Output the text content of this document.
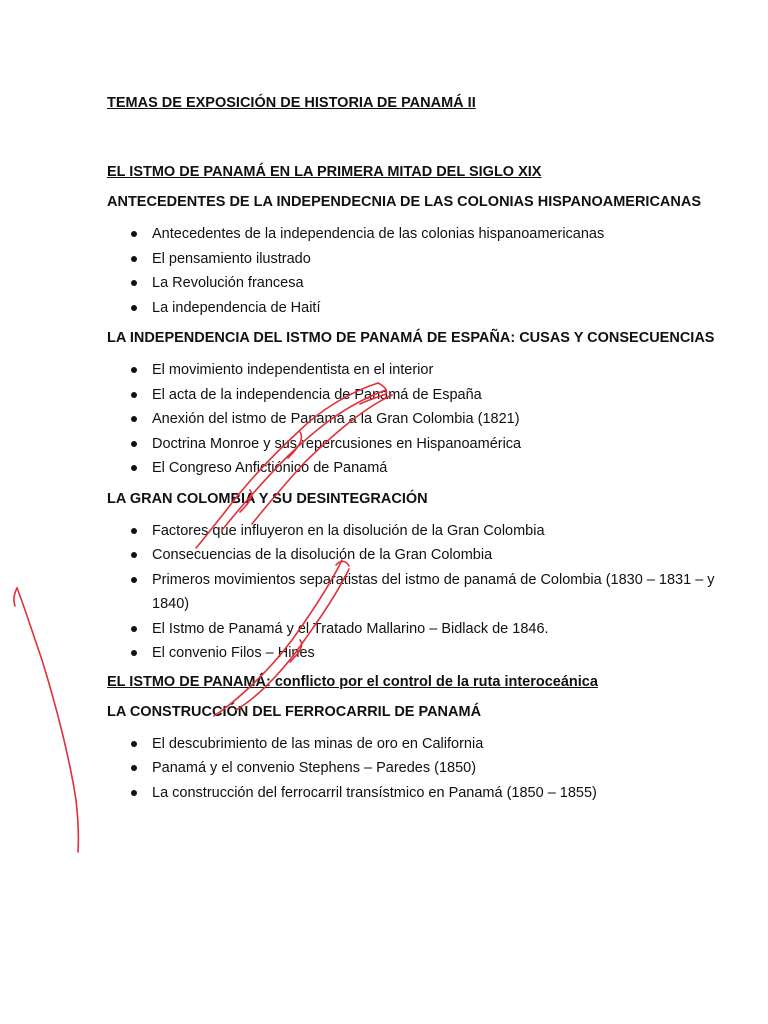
TEMAS DE EXPOSICIÓN DE HISTORIA DE PANAMÁ II
EL ISTMO DE PANAMÁ EN LA PRIMERA MITAD DEL SIGLO XIX
ANTECEDENTES DE LA INDEPENDECNIA DE LAS COLONIAS HISPANOAMERICANAS
Antecedentes de la independencia de las colonias hispanoamericanas
El pensamiento ilustrado
La Revolución francesa
La independencia de Haití
LA INDEPENDENCIA DEL ISTMO DE PANAMÁ DE ESPAÑA: CUSAS Y CONSECUENCIAS
El movimiento independentista en el interior
El acta de la independencia de Panamá de España
Anexión del istmo de Panamá a la Gran Colombia (1821)
Doctrina Monroe y sus repercusiones en Hispanoamérica
El Congreso Anfictiónico de Panamá
LA GRAN COLOMBIA Y SU DESINTEGRACIÓN
Factores que influyeron en la disolución de la Gran Colombia
Consecuencias de la disolución de la Gran Colombia
Primeros movimientos separatistas del istmo de panamá de Colombia (1830 – 1831 – y 1840)
El Istmo de Panamá y el Tratado Mallarino – Bidlack de 1846.
El convenio Filos – Hines
EL ISTMO DE PANAMÁ: conflicto por el control de la ruta interoceánica
LA CONSTRUCCIÓN DEL FERROCARRIL DE PANAMÁ
El descubrimiento de las minas de oro en California
Panamá y el convenio Stephens – Paredes (1850)
La construcción del ferrocarril transístmico en Panamá (1850 – 1855)
